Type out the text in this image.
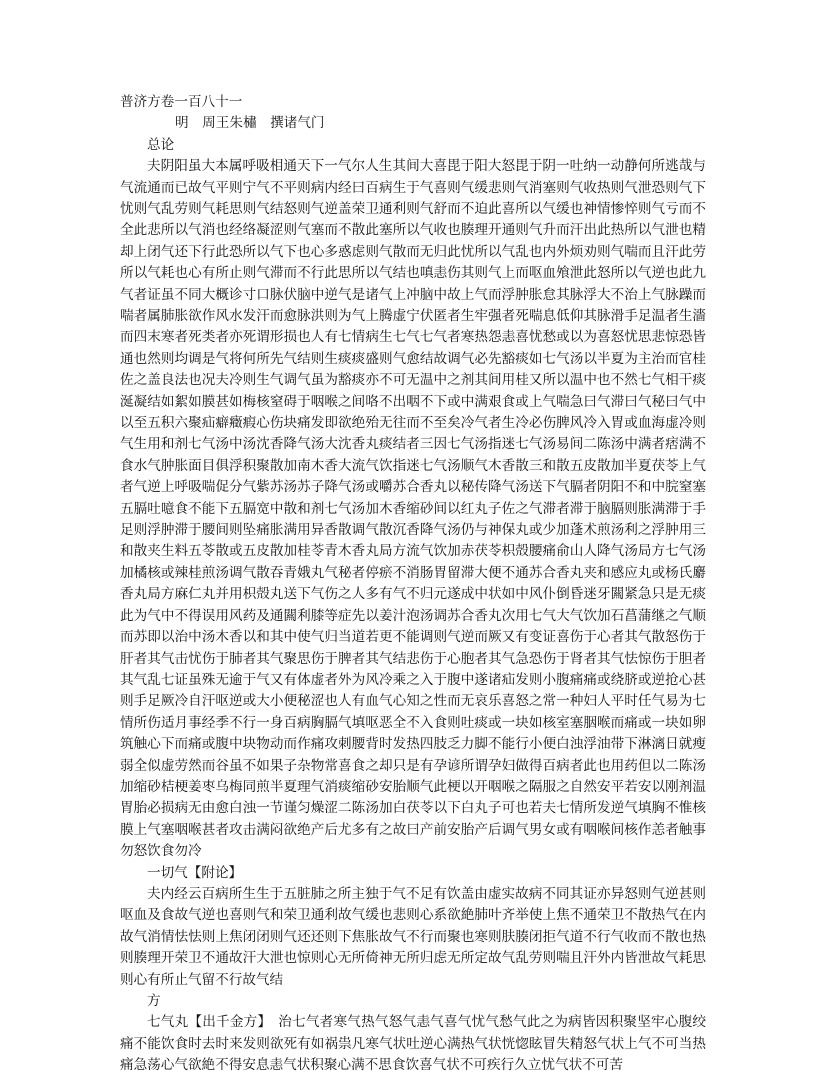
普济方卷一百八十一
明　周王朱橚　撰诸气门
总论

夫阴阳虽大本属呼吸相通天下一气尔人生其间大喜毘于阳大怒毘于阴一吐纳一动静何所逃哉与气流通而已故气平则宁气不平则病内经曰百病生于气喜则气缓悲则气消塞则气收热则气泄恐则气下忧则气乱劳则气耗思则气结怒则气逆盖荣卫通利则气舒而不迫此喜所以气缓也神情惨悴则气亏而不全此悲所以气消也经络凝涩则气塞而不散此塞所以气收也腠理开通则气升而汗出此热所以气泄也精却上闭气还下行此恐所以气下也心多惑虑则气散而无归此忧所以气乱也内外烦劝则气喘而且汗此劳所以气耗也心有所止则气滞而不行此思所以气结也嗔恚伤其则气上而呕血飧泄此怒所以气逆也此九气者证虽不同大概诊寸口脉伏脑中逆气是诸气上冲脑中故上气而浮肿胀怠其脉浮大不治上气脉躁而喘者属肺胀欲作风水发汗而愈脉洪则为气上腾虚宁伏匿者生牢强者死喘息低仰其脉滑手足温者生濇而四末寒者死类者亦死谓形损也人有七情病生七气七气者寒热怨恚喜忧愁或以为喜怒忧思悲惊恐皆通也然则均调是气将何所先气结则生痰痰盛则气愈结故调气必先豁痰如七气汤以半夏为主治而官桂佐之盖良法也况夫冷则生气调气虽为豁痰亦不可无温中之剂其间用桂又所以温中也不然七气相干痰涎凝结如絮如膜甚如梅核窒碍于咽喉之间咯不出咽不下或中满艰食或上气喘急曰气滞曰气秘曰气中以至五积六聚疝癖癥瘕心伤块痛发即欲绝殆无往而不至矣冷气者生冷必伤脾风冷入胃或血海虚冷则气生用和剂七气汤中汤沈香降气汤大沈香丸痰结者三因七气汤指迷七气汤易间二陈汤中满者痞满不食水气肿胀面目俱浮积聚散加南木香大流气饮指迷七气汤顺气木香散三和散五皮散加半夏茯苓上气者气逆上呼吸喘促分气紫苏汤苏子降气汤或嚼苏合香丸以秘传降气汤送下气膈者阴阳不和中脘窒塞五膈吐噫食不能下五膈宽中散和剂七气汤加木香缩砂间以红丸子佐之气滞者滞于脑膈则胀满滞于手足则浮肿滞于腰间则坠痛胀满用异香散调气散沉香降气汤仍与神保丸或少加蓬术煎汤利之浮肿用三和散夹生料五苓散或五皮散加桂苓青木香丸局方流气饮加赤茯苓枳殻腰痛俞山人降气汤局方七气汤加橘核或辣桂煎汤调气散吞青娥丸气秘者停瘀不消肠胃留滞大便不通苏合香丸夹和感应丸或杨氏麝香丸局方麻仁丸并用枳殻丸送下气伤之人多有气不归元遂成中状如中风仆倒昏迷牙闗紧急只是无痰此为气中不得误用风药及通闗利膝等症先以姜汁泡汤调苏合香丸次用七气大气饮加石菖蒲继之气顺而苏即以治中汤木香以和其中使气归当道若更不能调则气逆而厥又有变证喜伤于心者其气散怒伤于肝者其气击忧伤于肺者其气聚思伤于脾者其气结悲伤于心胞者其气急恐伤于肾者其气怯惊伤于胆者其气乱七证虽殊无逾于气又有体虚者外为风冷乘之入于腹中遂诸疝发则小腹痛痛或绕脐或逆抢心甚则手足厥冷自汗呕逆或大小便秘涩也人有血气心知之性而无哀乐喜怒之常一种妇人平时任气易为七情所伤适月事经季不行一身百病胸膈气填呕恶全不入食则吐痰或一块如核室塞胭喉而痛或一块如卵筑触心下而痛或腹中块物动而作痛攻刺腰背时发热四肢乏力脚不能行小便白浊浮油带下淋漓日就瘦弱全似虚劳然而谷虽不如果子杂物常喜食之却只是有孕谚所谓孕妇做得百病者此也用药但以二陈汤加缩砂桔梗姜枣乌梅同煎半夏理气消痰缩砂安胎顺气此梗以开咽喉之隔服之自然安平若安以刚剂温胃胎必损病无由愈白浊一节谨匀燥涩二陈汤加白茯苓以下白丸子可也若夫七情所发逆气填胸不惟核膜上气塞咽喉甚者攻击满闷欲绝产后尤多有之故曰产前安胎产后调气男女或有咽喉间核作恙者触事勿怒饮食勿冷

一切气【附论】

夫内经云百病所生生于五脏肺之所主独于气不足有饮盖由虚实故病不同其证亦异怒则气逆甚则呕血及食故气逆也喜则气和荣卫通利故气缓也悲则心系欲絶肺叶齐举使上焦不通荣卫不散热气在内故气消情怯怯则上焦闭闭则气还还则下焦胀故气不行而聚也寒则肤腠闭拒气道不行气收而不散也热则腠理开荣卫不通故汗大泄也惊则心无所倚神无所归虑无所定故气乱劳则喘且汗外内皆泄故气耗思则心有所止气留不行故气结

方

七气丸【出千金方】　 治七气者寒气热气怒气恚气喜气忧气愁气此之为病皆因积聚坚牢心腹绞痛不能饮食时去时来发则欲死有如祸祟凡寒气状吐逆心满热气状恍惚眩冒失精怒气状上气不可当热痛急荡心气欲絶不得安息恚气状积聚心满不思食饮喜气状不可疾行久立忧气状不可苦
